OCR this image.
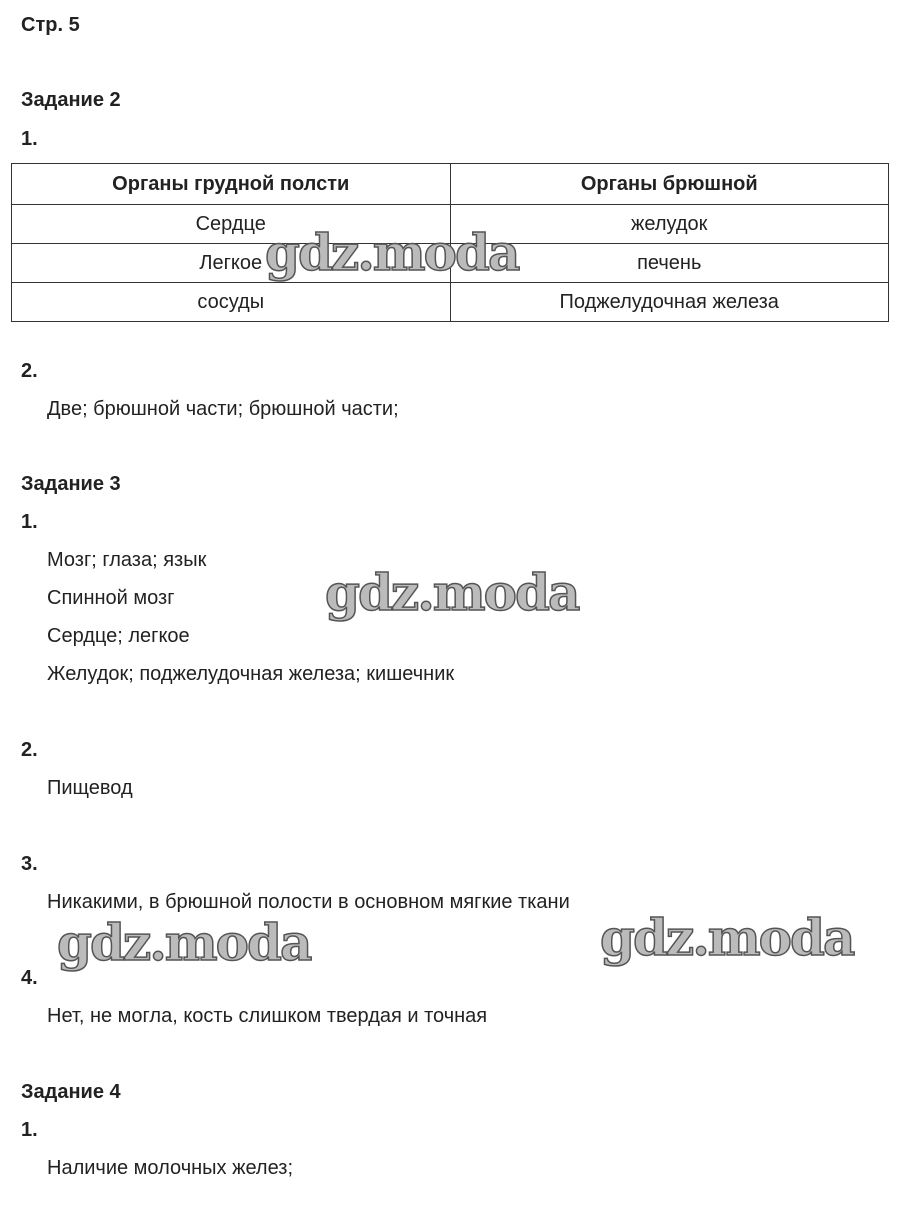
Стр. 5
Задание 2
1.
Органы грудной полсти	Органы брюшной
Сердце	желудок
Легкое	печень
сосуды	Поджелудочная железа
2.
Две; брюшной части; брюшной части;
Задание 3
1.
Мозг; глаза; язык
Спинной мозг
Сердце; легкое
Желудок; поджелудочная железа; кишечник
2.
Пищевод
3.
Никакими, в брюшной полости в основном мягкие ткани
4.
Нет, не могла, кость слишком твердая и точная
Задание 4
1.
Наличие молочных желез;
gdz.moda
gdz.moda
gdz.moda	gdz.moda
